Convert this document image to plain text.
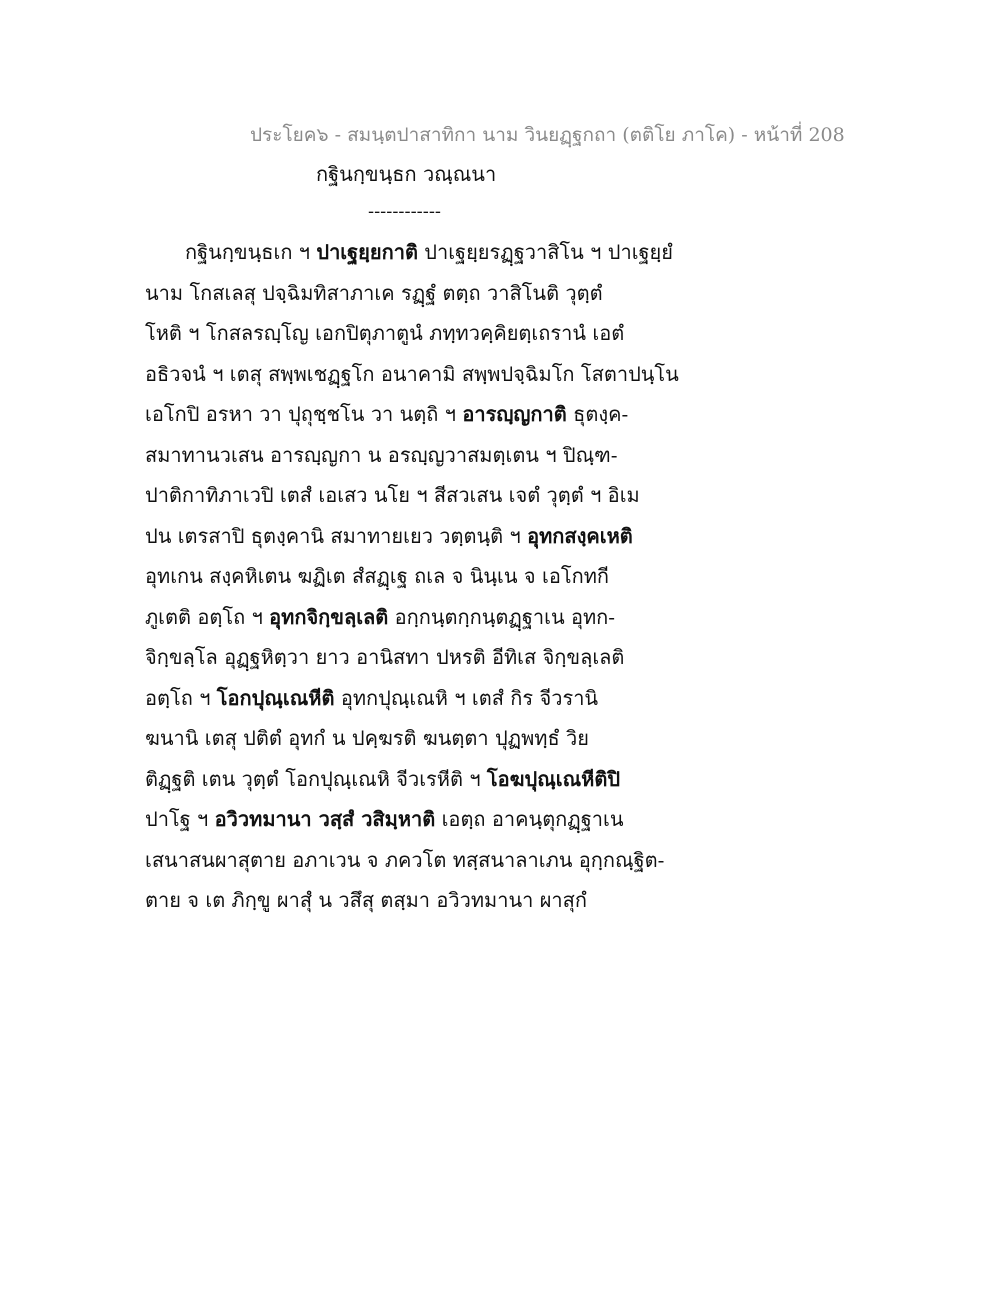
ประโยค๖ - สมนฺตปาสาทิกา นาม วินยฏฺฐกถา (ตติโย ภาโค) - หน้าที่ 208
กฐินกฺขนฺธก วณฺณนา
------------
กฐินกฺขนฺธเก ฯ ปาเฐยฺยกาติ ปาเฐยฺยรฏฺฐวาสิโน ฯ ปาเฐยฺยํ
นาม โกสเลสุ ปจฺฉิมทิสาภาเค รฏฺฐํ ตตฺถ วาสิโนติ วุตฺตํ
โหติ ฯ โกสลรญฺโญ เอกปิตุภาตูนํ ภทฺทวคฺคิยตฺเถรานํ เอตํ
อธิวจนํ ฯ เตสุ สพฺพเชฏฺฐโก อนาคามิ สพฺพปจฺฉิมโก โสตาปนฺโน
เอโกปิ อรหา วา ปุถุชฺชโน วา นตฺถิ ฯ อารญฺญกาติ ธุตงฺค-
สมาทานวเสน อารญฺญกา น อรญฺญวาสมตฺเตน ฯ ปิณฺฑ-
ปาติกาทิภาเวปิ เตสํ เอเสว นโย ฯ สีสวเสน เจตํ วุตฺตํ ฯ อิเม
ปน เตรสาปิ ธุตงฺคานิ สมาทายเยว วตฺตนฺติ ฯ อุทกสงฺคเหติ
อุทเกน สงฺคหิเตน ฆฏิเต สํสฏฺเฐ ถเล จ นินฺเน จ เอโกทกี
ภูเตติ อตฺโถ ฯ อุทกจิกฺขลฺเลติ อกฺกนฺตกฺกนฺตฏฺฐาเน อุทก-
จิกฺขลฺโล อุฏฺฐหิตฺวา ยาว อานิสทา ปหรติ อีทิเส จิกฺขลฺเลติ
อตฺโถ ฯ โอกปุณฺเณหีติ อุทกปุณฺเณหิ ฯ เตสํ กิร จีวรานิ
ฆนานิ เตสุ ปติตํ อุทกํ น ปคฺฆรติ ฆนตฺตา ปุฏพทฺธํ วิย
ติฏฺฐติ เตน วุตฺตํ โอกปุณฺเณหิ จีวเรหีติ ฯ โอฆปุณฺเณหีติปิ
ปาโฐ ฯ อวิวทมานา วสฺสํ วสิมฺหาติ เอตฺถ อาคนฺตุกฏฺฐาเน
เสนาสนผาสุตาย อภาเวน จ ภควโต ทสฺสนาลาเภน อุกฺกณฺฐิต-
ตาย จ เต ภิกฺขู ผาสุํ น วสึสุ ตสฺมา อวิวทมานา ผาสุกํ
